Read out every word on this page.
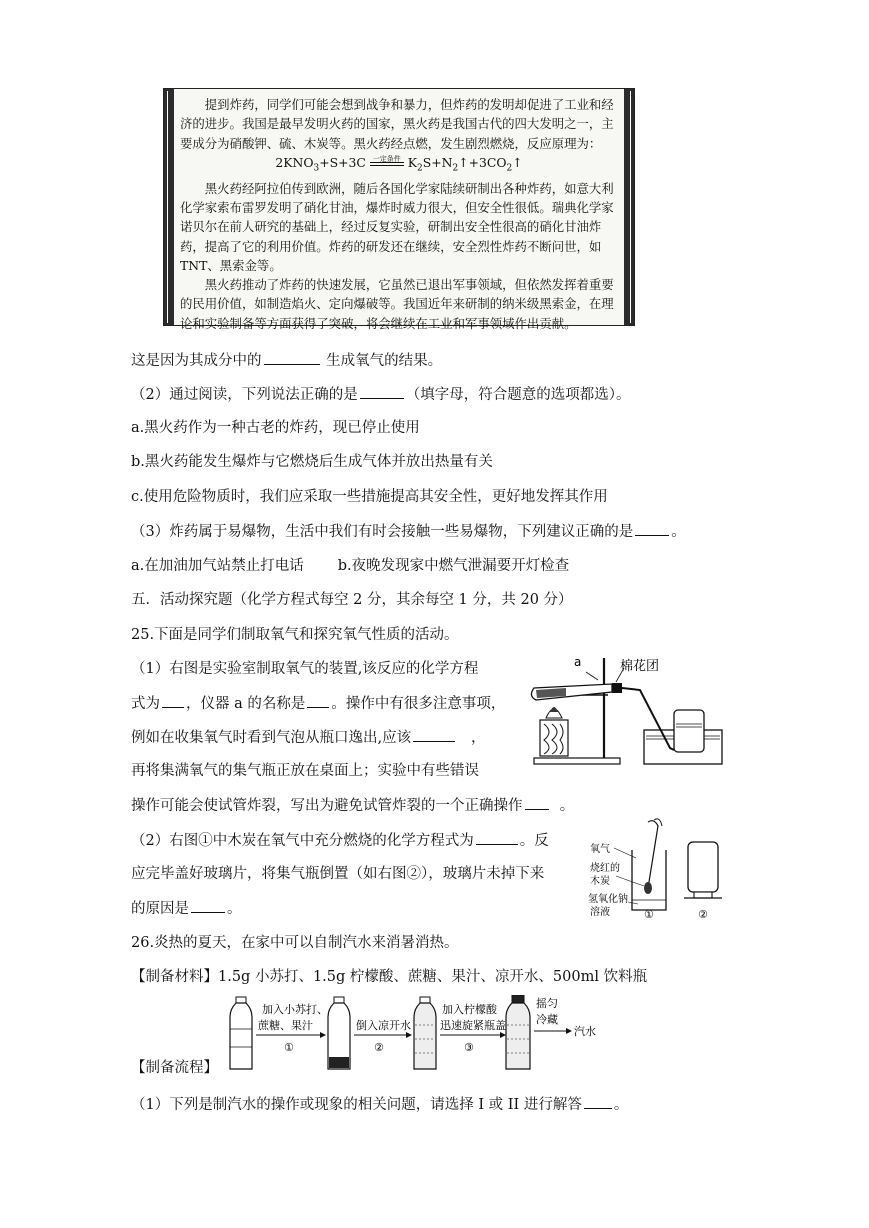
提到炸药，同学们可能会想到战争和暴力，但炸药的发明却促进了工业和经济的进步。我国是最早发明火药的国家，黑火药是我国古代的四大发明之一，主要成分为硝酸钾、硫、木炭等。黑火药经点燃，发生剧烈燃烧，反应原理为：

$2KNO_3+S+3C$ 一定条件 $K_2S+N_2↑+3CO_2↑$

黑火药经阿拉伯传到欧洲，随后各国化学家陆续研制出各种炸药，如意大利化学家索布雷罗发明了硝化甘油，爆炸时威力很大，但安全性很低。瑞典化学家诺贝尔在前人研究的基础上，经过反复实验，研制出安全性很高的硝化甘油炸药，提高了它的利用价值。炸药的研发还在继续，安全烈性炸药不断问世，如TNT、黑索金等。

黑火药推动了炸药的快速发展，它虽然已退出军事领域，但依然发挥着重要的民用价值，如制造焰火、定向爆破等。我国近年来研制的纳米级黑索金，在理论和实验制备等方面获得了突破，将会继续在工业和军事领域作出贡献。

这是因为其成分中的	生成氧气的结果。
（2）通过阅读，下列说法正确的是	（填字母，符合题意的选项都选）。
a.黑火药作为一种古老的炸药，现已停止使用
b.黑火药能发生爆炸与它燃烧后生成气体并放出热量有关
c.使用危险物质时，我们应采取一些措施提高其安全性，更好地发挥其作用
（3）炸药属于易爆物，生活中我们有时会接触一些易爆物，下列建议正确的是	。
a.在加油加气站禁止打电话 b.夜晚发现家中燃气泄漏要开灯检查
五．活动探究题（化学方程式每空 2 分，其余每空 1 分，共 20 分）
25.下面是同学们制取氧气和探究氧气性质的活动。
（1）右图是实验室制取氧气的装置,该反应的化学方程
式为 ，仪器 a 的名称是 。操作中有很多注意事项，
例如在收集氧气时看到气泡从瓶口逸出,应该	，
再将集满氧气的集气瓶正放在桌面上；实验中有些错误
操作可能会使试管炸裂，写出为避免试管炸裂的一个正确操作	。
（2）右图①中木炭在氧气中充分燃烧的化学方程式为	。反
应完毕盖好玻璃片，将集气瓶倒置（如右图②），玻璃片未掉下来
的原因是	。
26.炎热的夏天，在家中可以自制汽水来消暑消热。
【制备材料】1.5g 小苏打、1.5g 柠檬酸、蔗糖、果汁、凉开水、500ml 饮料瓶
【制备流程】
（1）下列是制汽水的操作或现象的相关问题，请选择 I 或 II 进行解答 。
a	棉花团
氧气
烧红的
木炭
氢氧化钠
溶液	①	②
加入小苏打、
蔗糖、果汁
①
倒入凉开水
②
加入柠檬酸
迅速旋紧瓶盖
③
摇匀
冷藏
汽水
